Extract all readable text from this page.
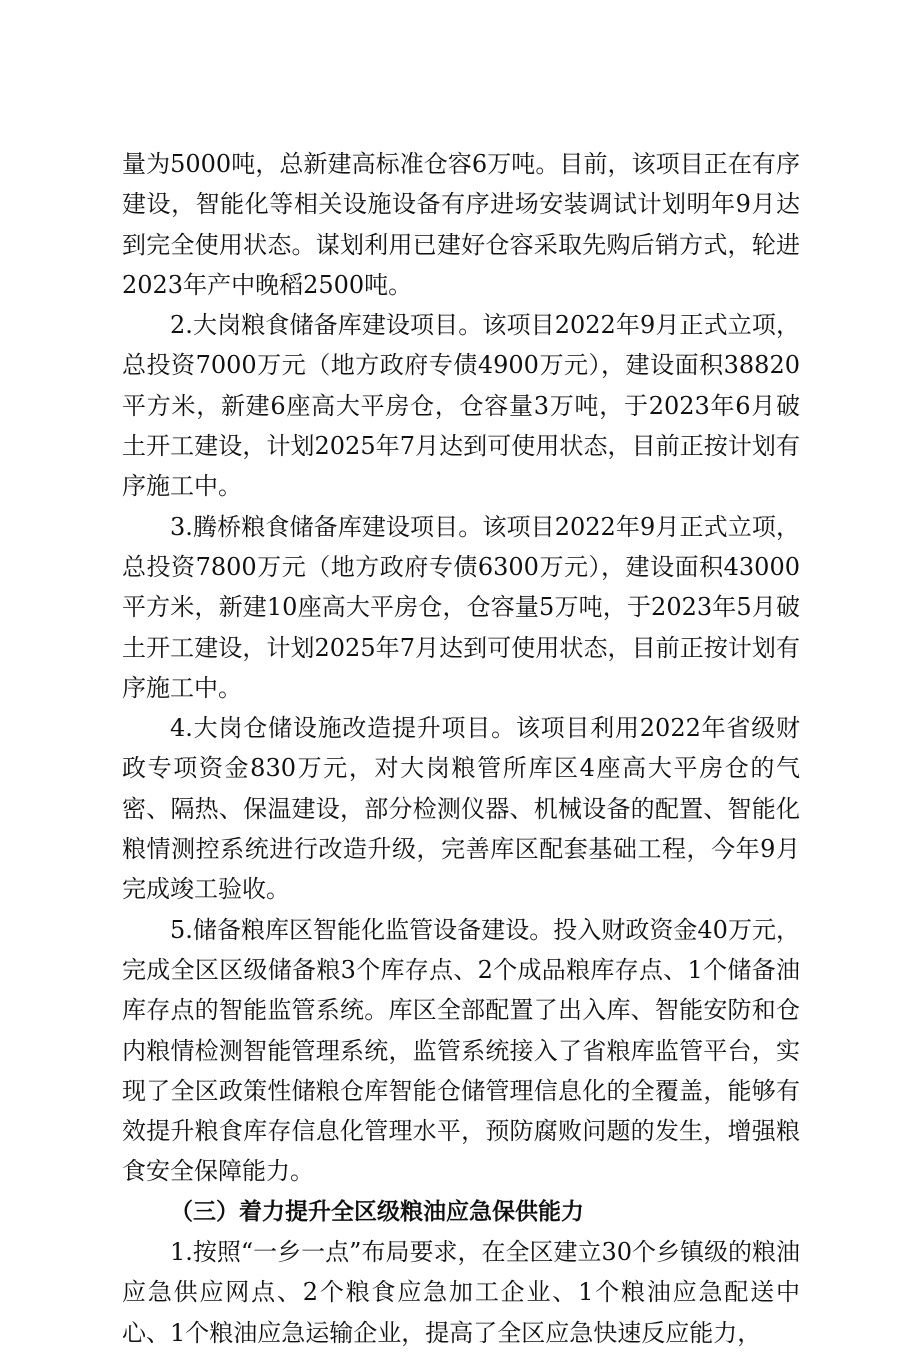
量为5000吨，总新建高标准仓容6万吨。目前，该项目正在有序建设，智能化等相关设施设备有序进场安装调试计划明年9月达到完全使用状态。谋划利用已建好仓容采取先购后销方式，轮进2023年产中晚稻2500吨。

2.大岗粮食储备库建设项目。该项目2022年9月正式立项，总投资7000万元（地方政府专债4900万元），建设面积38820平方米，新建6座高大平房仓，仓容量3万吨，于2023年6月破土开工建设，计划2025年7月达到可使用状态，目前正按计划有序施工中。

3.腾桥粮食储备库建设项目。该项目2022年9月正式立项，总投资7800万元（地方政府专债6300万元），建设面积43000平方米，新建10座高大平房仓，仓容量5万吨，于2023年5月破土开工建设，计划2025年7月达到可使用状态，目前正按计划有序施工中。

4.大岗仓储设施改造提升项目。该项目利用2022年省级财政专项资金830万元，对大岗粮管所库区4座高大平房仓的气密、隔热、保温建设，部分检测仪器、机械设备的配置、智能化粮情测控系统进行改造升级，完善库区配套基础工程，今年9月完成竣工验收。

5.储备粮库区智能化监管设备建设。投入财政资金40万元，完成全区区级储备粮3个库存点、2个成品粮库存点、1个储备油库存点的智能监管系统。库区全部配置了出入库、智能安防和仓内粮情检测智能管理系统，监管系统接入了省粮库监管平台，实现了全区政策性储粮仓库智能仓储管理信息化的全覆盖，能够有效提升粮食库存信息化管理水平，预防腐败问题的发生，增强粮食安全保障能力。

（三）着力提升全区级粮油应急保供能力

1.按照“一乡一点”布局要求，在全区建立30个乡镇级的粮油应急供应网点、2个粮食应急加工企业、1个粮油应急配送中心、1个粮油应急运输企业，提高了全区应急快速反应能力，
